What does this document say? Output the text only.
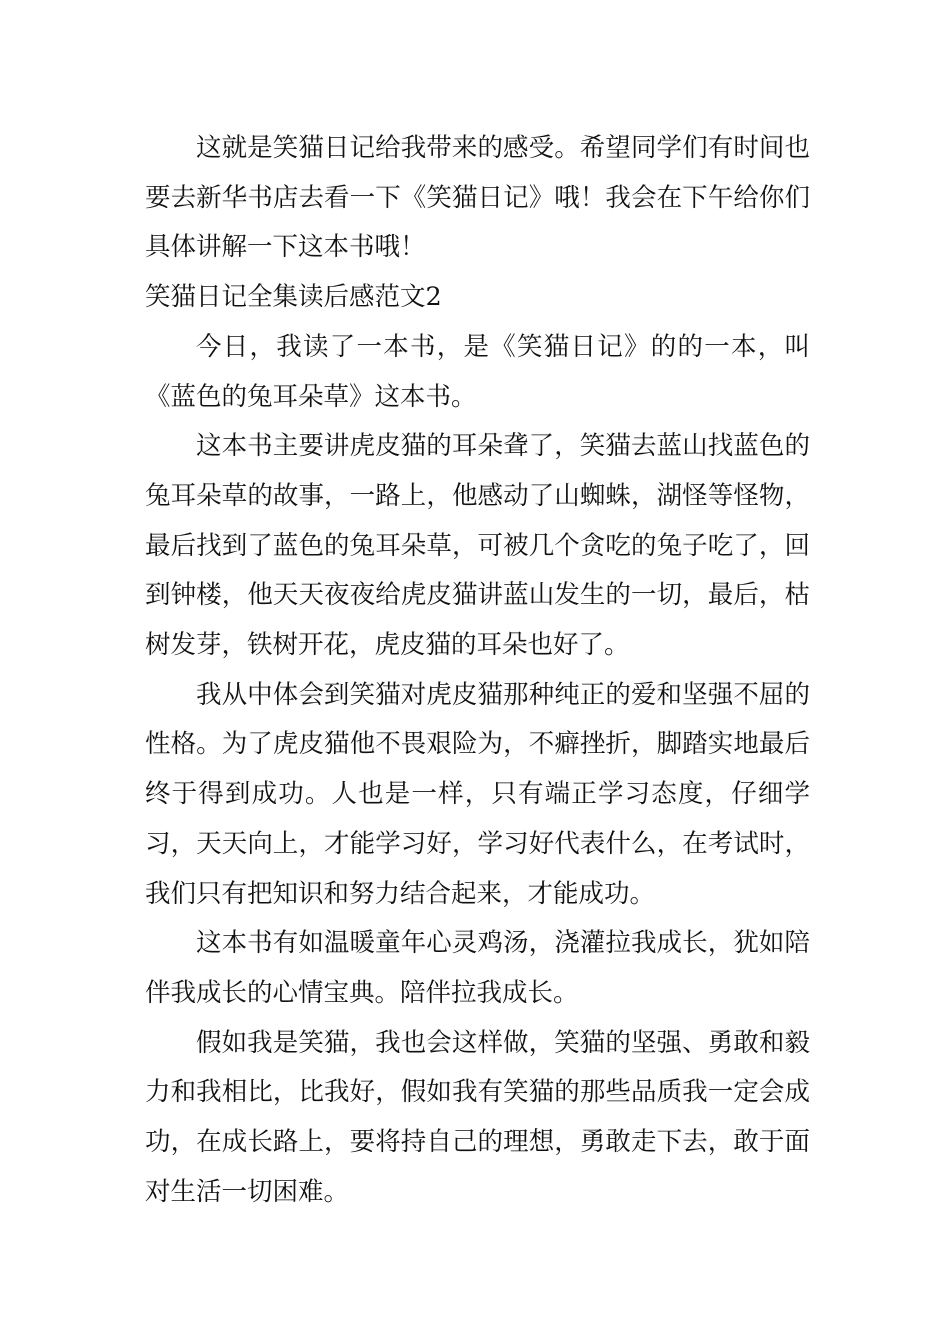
这就是笑猫日记给我带来的感受。希望同学们有时间也要去新华书店去看一下《笑猫日记》哦！我会在下午给你们具体讲解一下这本书哦！

笑猫日记全集读后感范文2

今日，我读了一本书，是《笑猫日记》的的一本，叫《蓝色的兔耳朵草》这本书。

这本书主要讲虎皮猫的耳朵聋了，笑猫去蓝山找蓝色的兔耳朵草的故事，一路上，他感动了山蜘蛛，湖怪等怪物，最后找到了蓝色的兔耳朵草，可被几个贪吃的兔子吃了，回到钟楼，他天天夜夜给虎皮猫讲蓝山发生的一切，最后，枯树发芽，铁树开花，虎皮猫的耳朵也好了。

我从中体会到笑猫对虎皮猫那种纯正的爱和坚强不屈的性格。为了虎皮猫他不畏艰险为，不癖挫折，脚踏实地最后终于得到成功。人也是一样，只有端正学习态度，仔细学习，天天向上，才能学习好，学习好代表什么，在考试时，我们只有把知识和努力结合起来，才能成功。

这本书有如温暖童年心灵鸡汤，浇灌拉我成长，犹如陪伴我成长的心情宝典。陪伴拉我成长。

假如我是笑猫，我也会这样做，笑猫的坚强、勇敢和毅力和我相比，比我好，假如我有笑猫的那些品质我一定会成功，在成长路上，要将持自己的理想，勇敢走下去，敢于面对生活一切困难。
